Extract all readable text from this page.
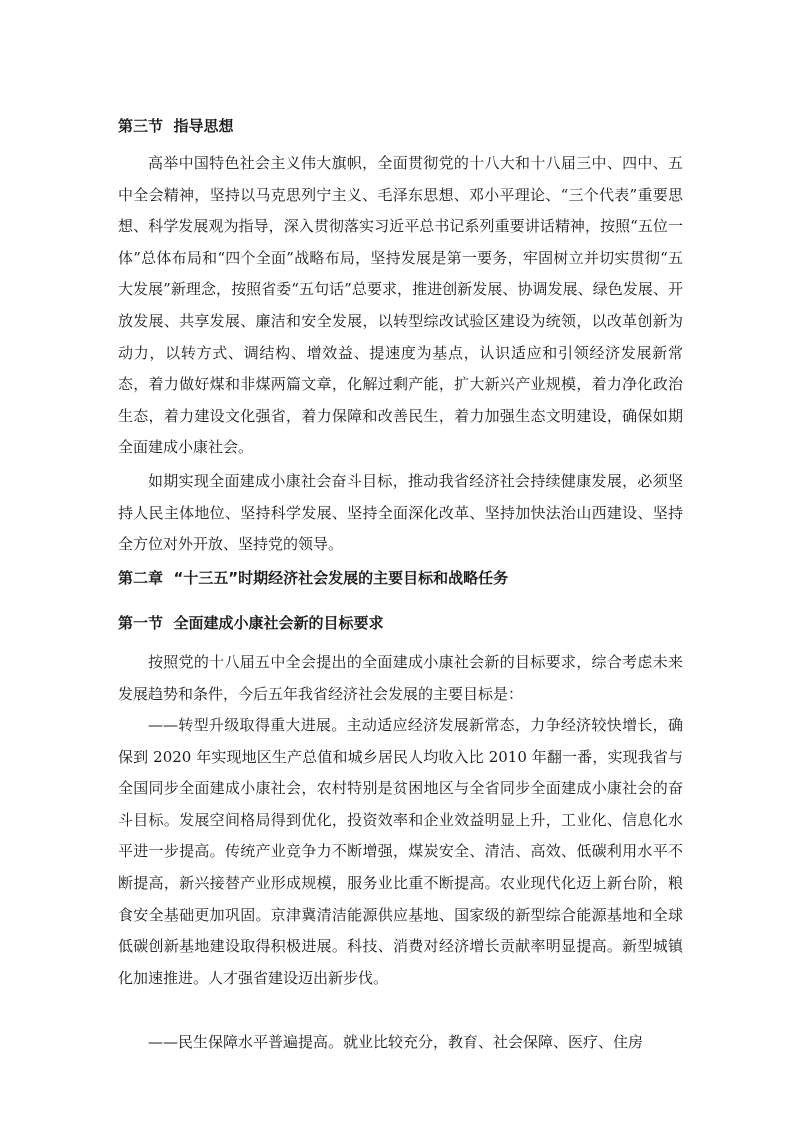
第三节  指导思想

高举中国特色社会主义伟大旗帜，全面贯彻党的十八大和十八届三中、四中、五中全会精神，坚持以马克思列宁主义、毛泽东思想、邓小平理论、“三个代表”重要思想、科学发展观为指导，深入贯彻落实习近平总书记系列重要讲话精神，按照“五位一体”总体布局和“四个全面”战略布局，坚持发展是第一要务，牢固树立并切实贯彻“五大发展”新理念，按照省委“五句话”总要求，推进创新发展、协调发展、绿色发展、开放发展、共享发展、廉洁和安全发展，以转型综改试验区建设为统领，以改革创新为动力，以转方式、调结构、增效益、提速度为基点，认识适应和引领经济发展新常态，着力做好煤和非煤两篇文章，化解过剩产能，扩大新兴产业规模，着力净化政治生态，着力建设文化强省，着力保障和改善民生，着力加强生态文明建设，确保如期全面建成小康社会。

如期实现全面建成小康社会奋斗目标，推动我省经济社会持续健康发展，必须坚持人民主体地位、坚持科学发展、坚持全面深化改革、坚持加快法治山西建设、坚持全方位对外开放、坚持党的领导。

第二章  “十三五”时期经济社会发展的主要目标和战略任务

第一节  全面建成小康社会新的目标要求

按照党的十八届五中全会提出的全面建成小康社会新的目标要求，综合考虑未来发展趋势和条件，今后五年我省经济社会发展的主要目标是：

——转型升级取得重大进展。主动适应经济发展新常态，力争经济较快增长，确保到 2020 年实现地区生产总值和城乡居民人均收入比 2010 年翻一番，实现我省与全国同步全面建成小康社会，农村特别是贫困地区与全省同步全面建成小康社会的奋斗目标。发展空间格局得到优化，投资效率和企业效益明显上升，工业化、信息化水平进一步提高。传统产业竞争力不断增强，煤炭安全、清洁、高效、低碳利用水平不断提高，新兴接替产业形成规模，服务业比重不断提高。农业现代化迈上新台阶，粮食安全基础更加巩固。京津冀清洁能源供应基地、国家级的新型综合能源基地和全球低碳创新基地建设取得积极进展。科技、消费对经济增长贡献率明显提高。新型城镇化加速推进。人才强省建设迈出新步伐。

——民生保障水平普遍提高。就业比较充分，教育、社会保障、医疗、住房
